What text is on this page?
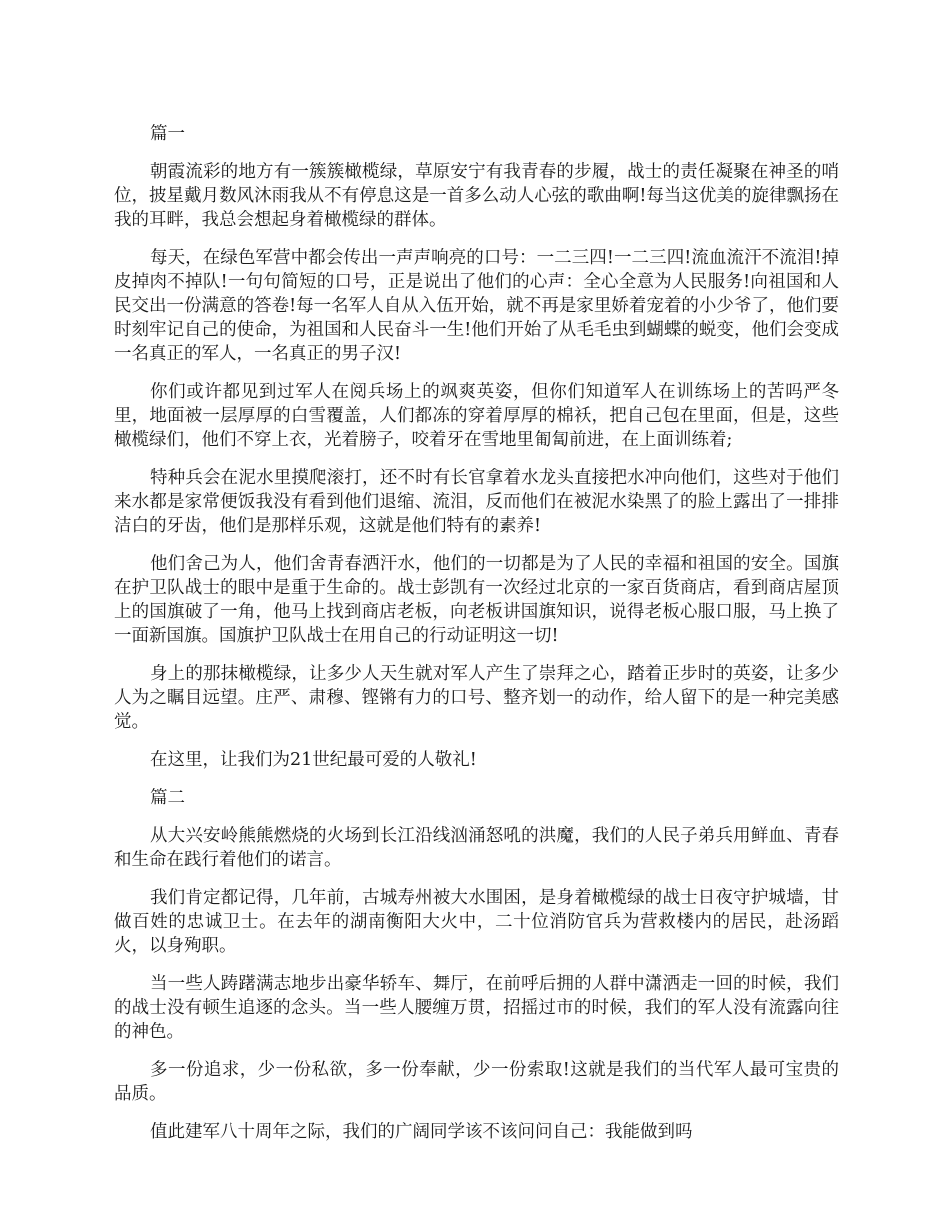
篇一

朝霞流彩的地方有一簇簇橄榄绿，草原安宁有我青春的步履，战士的责任凝聚在神圣的哨位，披星戴月数风沐雨我从不有停息这是一首多么动人心弦的歌曲啊!每当这优美的旋律飘扬在我的耳畔，我总会想起身着橄榄绿的群体。

每天，在绿色军营中都会传出一声声响亮的口号：一二三四!一二三四!流血流汗不流泪!掉皮掉肉不掉队!一句句简短的口号，正是说出了他们的心声：全心全意为人民服务!向祖国和人民交出一份满意的答卷!每一名军人自从入伍开始，就不再是家里娇着宠着的小少爷了，他们要时刻牢记自己的使命，为祖国和人民奋斗一生!他们开始了从毛毛虫到蝴蝶的蜕变，他们会变成一名真正的军人，一名真正的男子汉!

你们或许都见到过军人在阅兵场上的飒爽英姿，但你们知道军人在训练场上的苦吗严冬里，地面被一层厚厚的白雪覆盖，人们都冻的穿着厚厚的棉袄，把自己包在里面，但是，这些橄榄绿们，他们不穿上衣，光着膀子，咬着牙在雪地里匍匐前进，在上面训练着;

特种兵会在泥水里摸爬滚打，还不时有长官拿着水龙头直接把水冲向他们，这些对于他们来水都是家常便饭我没有看到他们退缩、流泪，反而他们在被泥水染黑了的脸上露出了一排排洁白的牙齿，他们是那样乐观，这就是他们特有的素养!

他们舍己为人，他们舍青春洒汗水，他们的一切都是为了人民的幸福和祖国的安全。国旗在护卫队战士的眼中是重于生命的。战士彭凯有一次经过北京的一家百货商店，看到商店屋顶上的国旗破了一角，他马上找到商店老板，向老板讲国旗知识，说得老板心服口服，马上换了一面新国旗。国旗护卫队战士在用自己的行动证明这一切!

身上的那抹橄榄绿，让多少人天生就对军人产生了崇拜之心，踏着正步时的英姿，让多少人为之瞩目远望。庄严、肃穆、铿锵有力的口号、整齐划一的动作，给人留下的是一种完美感觉。

在这里，让我们为21世纪最可爱的人敬礼!

篇二

从大兴安岭熊熊燃烧的火场到长江沿线汹涌怒吼的洪魔，我们的人民子弟兵用鲜血、青春和生命在践行着他们的诺言。

我们肯定都记得，几年前，古城寿州被大水围困，是身着橄榄绿的战士日夜守护城墙，甘做百姓的忠诚卫士。在去年的湖南衡阳大火中，二十位消防官兵为营救楼内的居民，赴汤蹈火，以身殉职。

当一些人踌躇满志地步出豪华轿车、舞厅，在前呼后拥的人群中潇洒走一回的时候，我们的战士没有顿生追逐的念头。当一些人腰缠万贯，招摇过市的时候，我们的军人没有流露向往的神色。

多一份追求，少一份私欲，多一份奉献，少一份索取!这就是我们的当代军人最可宝贵的品质。

值此建军八十周年之际，我们的广阔同学该不该问问自己：我能做到吗
